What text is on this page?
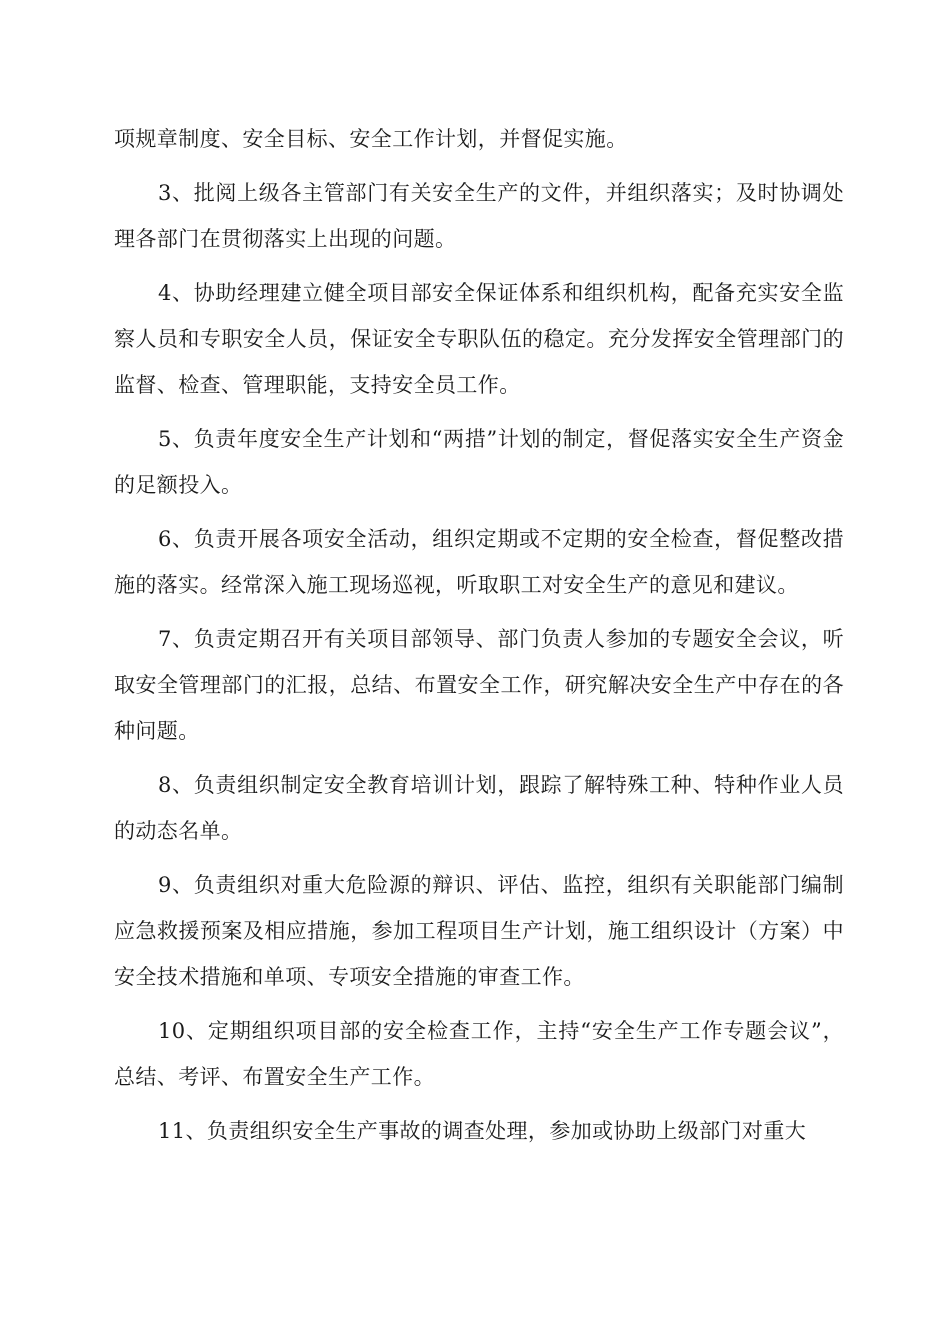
项规章制度、安全目标、安全工作计划，并督促实施。

3、批阅上级各主管部门有关安全生产的文件，并组织落实；及时协调处理各部门在贯彻落实上出现的问题。

4、协助经理建立健全项目部安全保证体系和组织机构，配备充实安全监察人员和专职安全人员，保证安全专职队伍的稳定。充分发挥安全管理部门的监督、检查、管理职能，支持安全员工作。

5、负责年度安全生产计划和“两措”计划的制定，督促落实安全生产资金的足额投入。

6、负责开展各项安全活动，组织定期或不定期的安全检查，督促整改措施的落实。经常深入施工现场巡视，听取职工对安全生产的意见和建议。

7、负责定期召开有关项目部领导、部门负责人参加的专题安全会议，听取安全管理部门的汇报，总结、布置安全工作，研究解决安全生产中存在的各种问题。

8、负责组织制定安全教育培训计划，跟踪了解特殊工种、特种作业人员的动态名单。

9、负责组织对重大危险源的辩识、评估、监控，组织有关职能部门编制应急救援预案及相应措施，参加工程项目生产计划，施工组织设计（方案）中安全技术措施和单项、专项安全措施的审查工作。

10、定期组织项目部的安全检查工作，主持“安全生产工作专题会议”，总结、考评、布置安全生产工作。

11、负责组织安全生产事故的调查处理，参加或协助上级部门对重大
